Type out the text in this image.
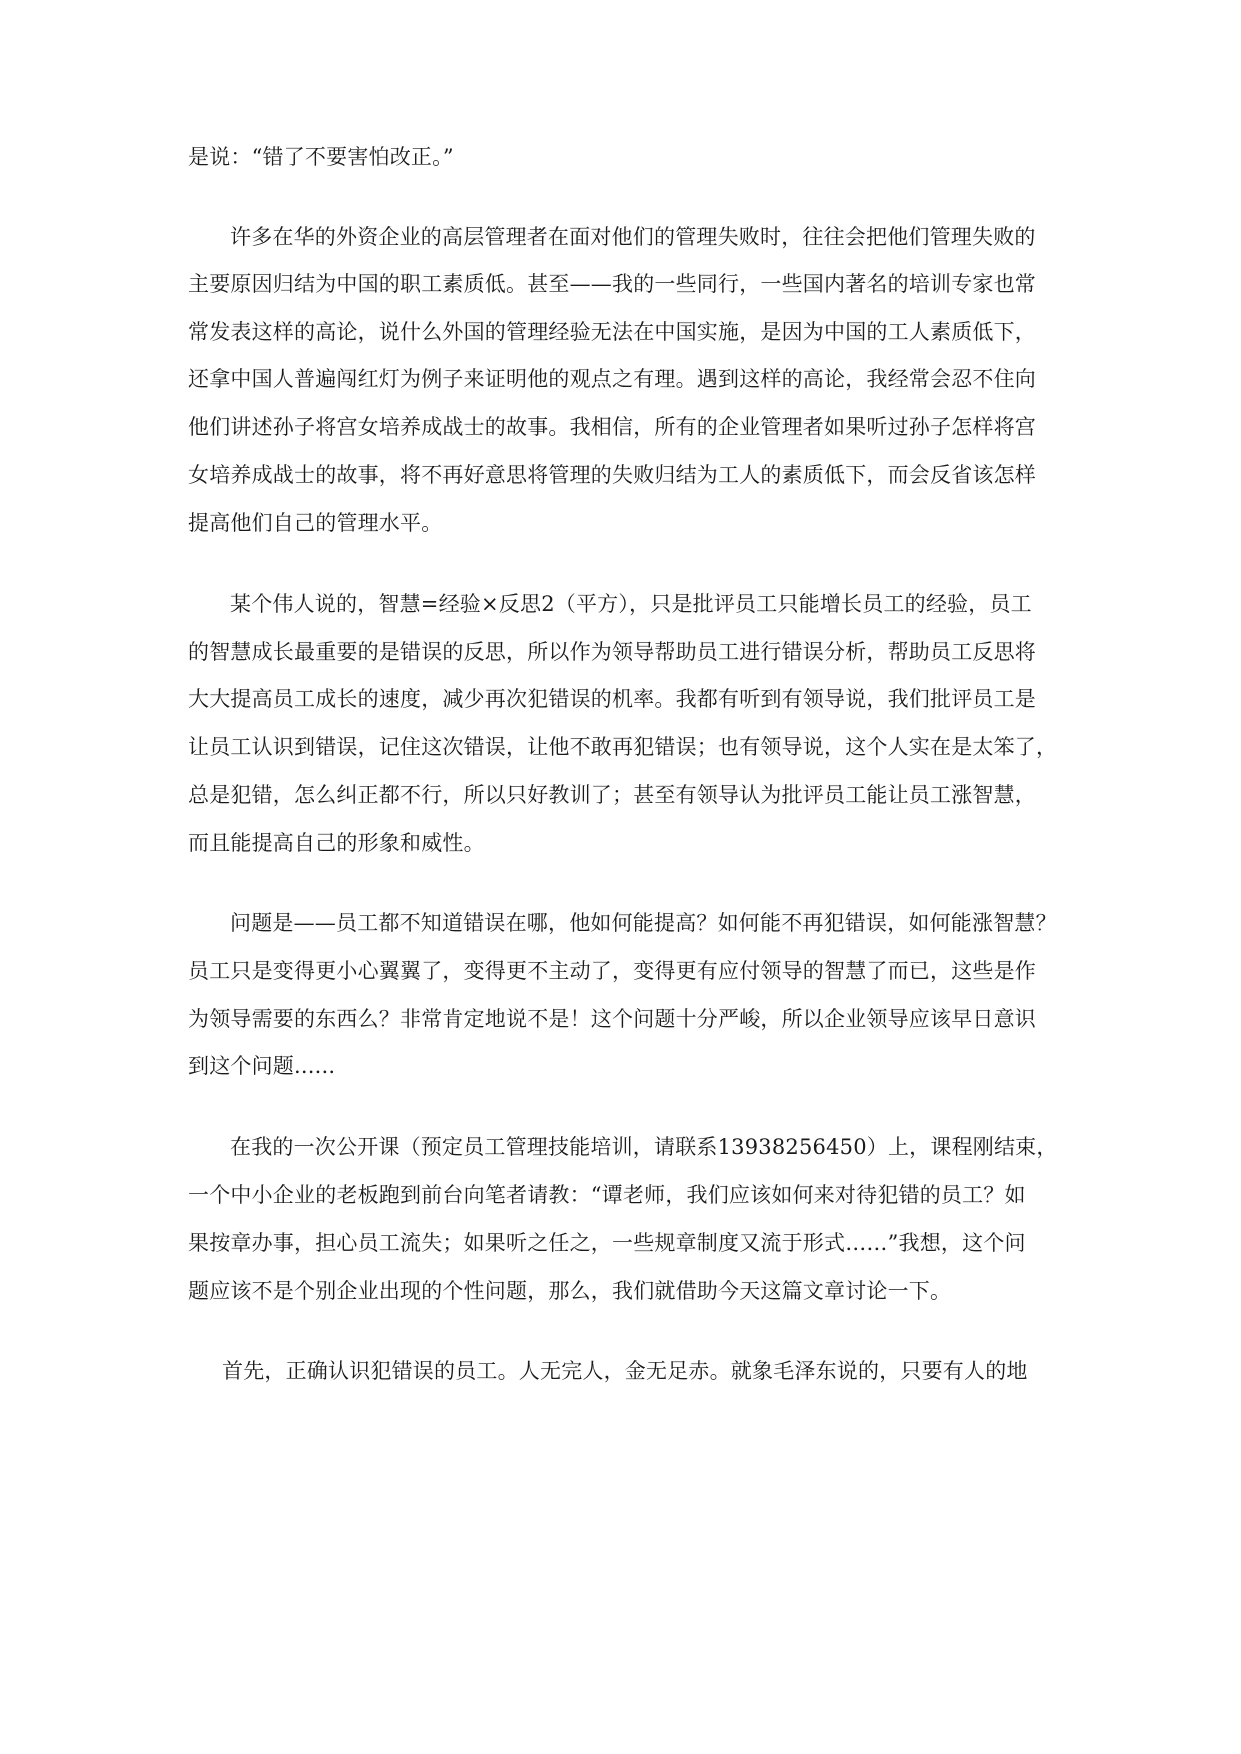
是说：“错了不要害怕改正。”
许多在华的外资企业的高层管理者在面对他们的管理失败时，往往会把他们管理失败的
主要原因归结为中国的职工素质低。甚至——我的一些同行，一些国内著名的培训专家也常
常发表这样的高论，说什么外国的管理经验无法在中国实施，是因为中国的工人素质低下，
还拿中国人普遍闯红灯为例子来证明他的观点之有理。遇到这样的高论，我经常会忍不住向
他们讲述孙子将宫女培养成战士的故事。我相信，所有的企业管理者如果听过孙子怎样将宫
女培养成战士的故事，将不再好意思将管理的失败归结为工人的素质低下，而会反省该怎样
提高他们自己的管理水平。
某个伟人说的，智慧=经验×反思2（平方），只是批评员工只能增长员工的经验，员工
的智慧成长最重要的是错误的反思，所以作为领导帮助员工进行错误分析，帮助员工反思将
大大提高员工成长的速度，减少再次犯错误的机率。我都有听到有领导说，我们批评员工是
让员工认识到错误，记住这次错误，让他不敢再犯错误；也有领导说，这个人实在是太笨了，
总是犯错，怎么纠正都不行，所以只好教训了；甚至有领导认为批评员工能让员工涨智慧，
而且能提高自己的形象和威性。
问题是——员工都不知道错误在哪，他如何能提高？如何能不再犯错误，如何能涨智慧？
员工只是变得更小心翼翼了，变得更不主动了，变得更有应付领导的智慧了而已，这些是作
为领导需要的东西么？非常肯定地说不是！这个问题十分严峻，所以企业领导应该早日意识
到这个问题......
在我的一次公开课（预定员工管理技能培训，请联系13938256450）上，课程刚结束，
一个中小企业的老板跑到前台向笔者请教：“谭老师，我们应该如何来对待犯错的员工？如
果按章办事，担心员工流失；如果听之任之，一些规章制度又流于形式……”我想，这个问
题应该不是个别企业出现的个性问题，那么，我们就借助今天这篇文章讨论一下。
首先，正确认识犯错误的员工。人无完人，金无足赤。就象毛泽东说的，只要有人的地
